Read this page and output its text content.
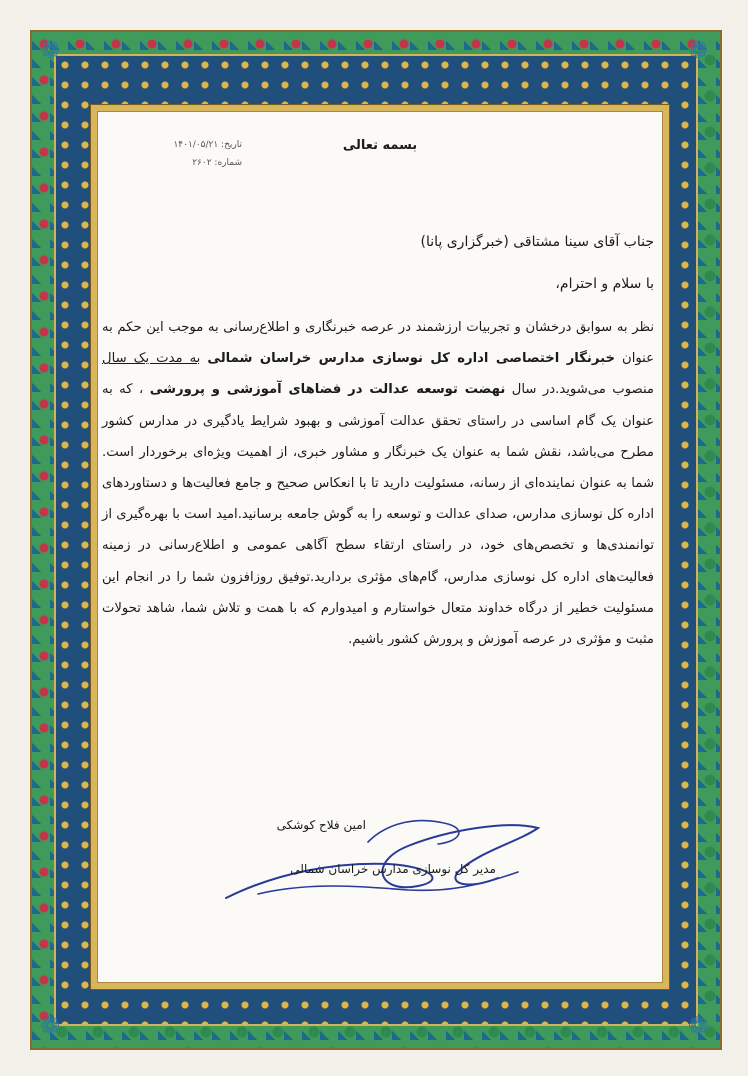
❁	❁
❁	❁
بسمه تعالی
تاریخ: ۱۴۰۱/۰۵/۲۱
شماره: ۲۶۰۲
جناب آقای سینا مشتاقی (خبرگزاری پانا)
با سلام و احترام،
نظر به سوابق درخشان و تجربیات ارزشمند در عرصه خبرنگاری و اطلاع‌رسانی به موجب این حکم به عنوان خبرنگار اختصاصی اداره کل نوسازی مدارس خراسان شمالی به مدت یک سال منصوب می‌شوید.در سال نهضت توسعه عدالت در فضاهای آموزشی و پرورشی ، که به عنوان یک گام اساسی در راستای تحقق عدالت آموزشی و بهبود شرایط یادگیری در مدارس کشور مطرح می‌باشد، نقش شما به عنوان یک خبرنگار و مشاور خبری، از اهمیت ویژه‌ای برخوردار است. شما به عنوان نماینده‌ای از رسانه، مسئولیت دارید تا با انعکاس صحیح و جامع فعالیت‌ها و دستاوردهای اداره کل نوسازی مدارس، صدای عدالت و توسعه را به گوش جامعه برسانید.امید است با بهره‌گیری از توانمندی‌ها و تخصص‌های خود، در راستای ارتقاء سطح آگاهی عمومی و اطلاع‌رسانی در زمینه فعالیت‌های اداره کل نوسازی مدارس، گام‌های مؤثری بردارید.توفیق روزافزون شما را در انجام این مسئولیت خطیر از درگاه خداوند متعال خواستارم و امیدوارم که با همت و تلاش شما، شاهد تحولات مثبت و مؤثری در عرصه آموزش و پرورش کشور باشیم.
امین فلاح کوشکی
مدیر کل نوسازی مدارس خراسان شمالی
